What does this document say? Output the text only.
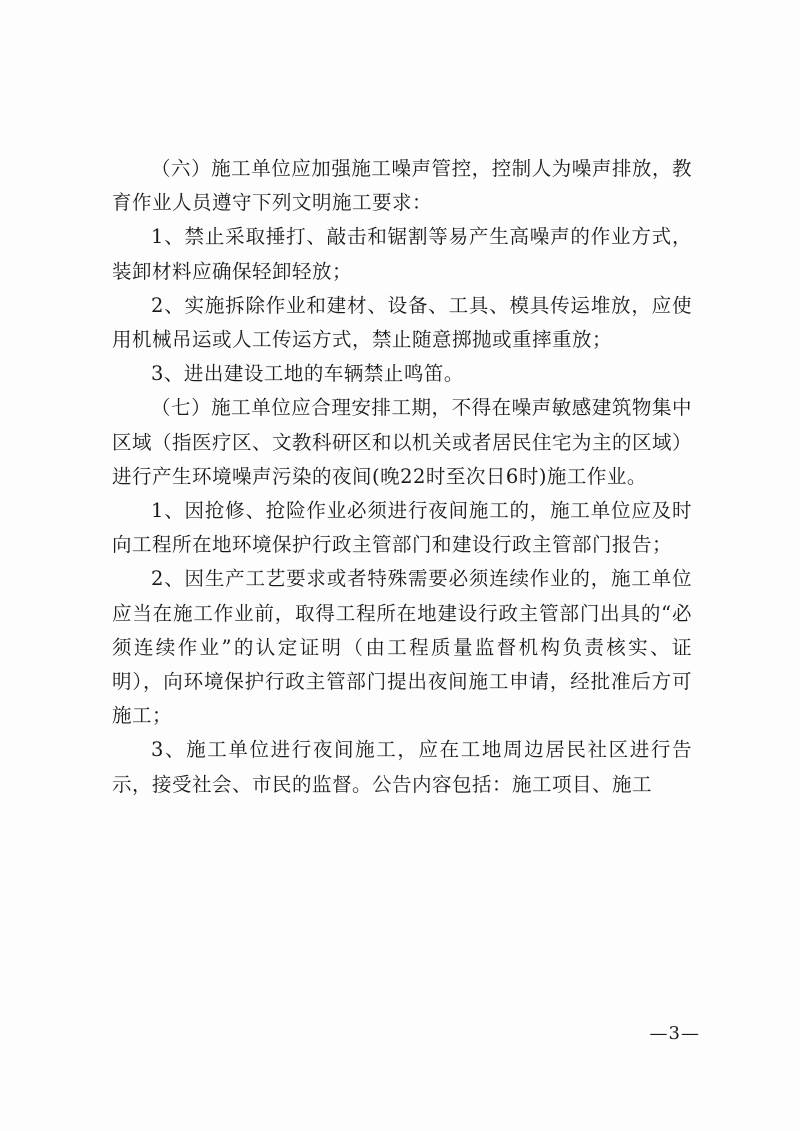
（六）施工单位应加强施工噪声管控，控制人为噪声排放，教育作业人员遵守下列文明施工要求：

1、禁止采取捶打、敲击和锯割等易产生高噪声的作业方式，装卸材料应确保轻卸轻放；

2、实施拆除作业和建材、设备、工具、模具传运堆放，应使用机械吊运或人工传运方式，禁止随意掷抛或重摔重放；

3、进出建设工地的车辆禁止鸣笛。

（七）施工单位应合理安排工期，不得在噪声敏感建筑物集中区域（指医疗区、文教科研区和以机关或者居民住宅为主的区域）进行产生环境噪声污染的夜间(晚22时至次日6时)施工作业。

1、因抢修、抢险作业必须进行夜间施工的，施工单位应及时向工程所在地环境保护行政主管部门和建设行政主管部门报告；

2、因生产工艺要求或者特殊需要必须连续作业的，施工单位应当在施工作业前，取得工程所在地建设行政主管部门出具的“必须连续作业”的认定证明（由工程质量监督机构负责核实、证明），向环境保护行政主管部门提出夜间施工申请，经批准后方可施工；

3、施工单位进行夜间施工，应在工地周边居民社区进行告示，接受社会、市民的监督。公告内容包括：施工项目、施工

—3—
